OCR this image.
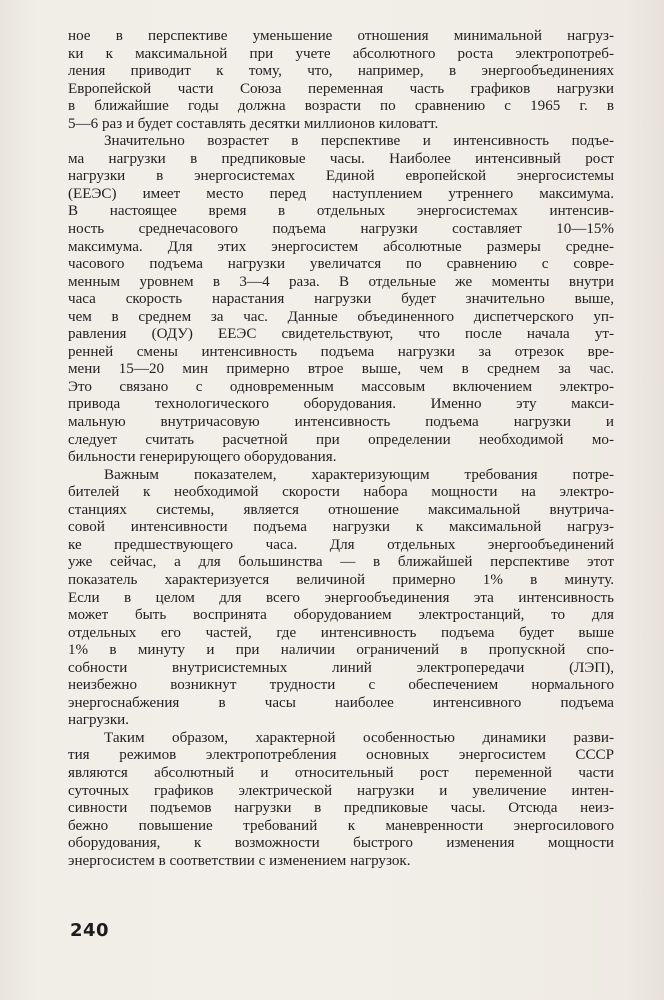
ное в перспективе уменьшение отношения минимальной нагруз-
ки к максимальной при учете абсолютного роста электропотреб-
ления приводит к тому, что, например, в энергообъединениях
Европейской части Союза переменная часть графиков нагрузки
в ближайшие годы должна возрасти по сравнению с 1965 г. в
5—6 раз и будет составлять десятки миллионов киловатт.
Значительно возрастет в перспективе и интенсивность подъе-
ма нагрузки в предпиковые часы. Наиболее интенсивный рост
нагрузки в энергосистемах Единой европейской энергосистемы
(ЕЕЭС) имеет место перед наступлением утреннего максимума.
В настоящее время в отдельных энергосистемах интенсив-
ность среднечасового подъема нагрузки составляет 10—15%
максимума. Для этих энергосистем абсолютные размеры средне-
часового подъема нагрузки увеличатся по сравнению с совре-
менным уровнем в 3—4 раза. В отдельные же моменты внутри
часа скорость нарастания нагрузки будет значительно выше,
чем в среднем за час. Данные объединенного диспетчерского уп-
равления (ОДУ) ЕЕЭС свидетельствуют, что после начала ут-
ренней смены интенсивность подъема нагрузки за отрезок вре-
мени 15—20 мин примерно втрое выше, чем в среднем за час.
Это связано с одновременным массовым включением электро-
привода технологического оборудования. Именно эту макси-
мальную внутричасовую интенсивность подъема нагрузки и
следует считать расчетной при определении необходимой мо-
бильности генерирующего оборудования.
Важным показателем, характеризующим требования потре-
бителей к необходимой скорости набора мощности на электро-
станциях системы, является отношение максимальной внутрича-
совой интенсивности подъема нагрузки к максимальной нагруз-
ке предшествующего часа. Для отдельных энергообъединений
уже сейчас, а для большинства — в ближайшей перспективе этот
показатель характеризуется величиной примерно 1% в минуту.
Если в целом для всего энергообъединения эта интенсивность
может быть воспринята оборудованием электростанций, то для
отдельных его частей, где интенсивность подъема будет выше
1% в минуту и при наличии ограничений в пропускной спо-
собности внутрисистемных линий электропередачи (ЛЭП),
неизбежно возникнут трудности с обеспечением нормального
энергоснабжения в часы наиболее интенсивного подъема
нагрузки.
Таким образом, характерной особенностью динамики разви-
тия режимов электропотребления основных энергосистем СССР
являются абсолютный и относительный рост переменной части
суточных графиков электрической нагрузки и увеличение интен-
сивности подъемов нагрузки в предпиковые часы. Отсюда неиз-
бежно повышение требований к маневренности энергосилового
оборудования, к возможности быстрого изменения мощности
энергосистем в соответствии с изменением нагрузок.
240
